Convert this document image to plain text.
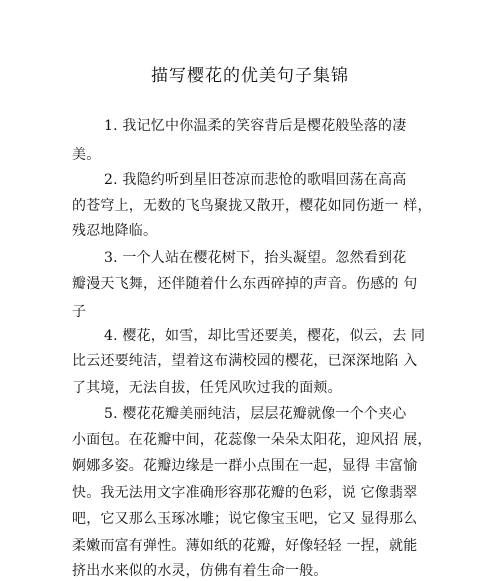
描写樱花的优美句子集锦
1. 我记忆中你温柔的笑容背后是樱花般坠落的凄
美。
2. 我隐约听到星旧苍凉而悲怆的歌唱回荡在高高
的苍穹上，无数的飞鸟聚拢又散开，樱花如同伤逝一 样，
残忍地降临。
3. 一个人站在樱花树下，抬头凝望。忽然看到花
瓣漫天飞舞，还伴随着什么东西碎掉的声音。伤感的 句
子
4. 樱花，如雪，却比雪还要美，樱花，似云，去 同
比云还要纯洁，望着这布满校园的樱花，已深深地陷 入
了其境，无法自拔，任凭风吹过我的面颊。
5. 樱花花瓣美丽纯洁，层层花瓣就像一个个夹心
小面包。在花瓣中间，花蕊像一朵朵太阳花，迎风招 展，
婀娜多姿。花瓣边缘是一群小点围在一起，显得 丰富愉
快。我无法用文字准确形容那花瓣的色彩，说 它像翡翠
吧，它又那么玉琢冰雕；说它像宝玉吧，它又 显得那么
柔嫩而富有弹性。薄如纸的花瓣，好像轻轻 一捏，就能
挤出水来似的水灵，仿佛有着生命一般。
